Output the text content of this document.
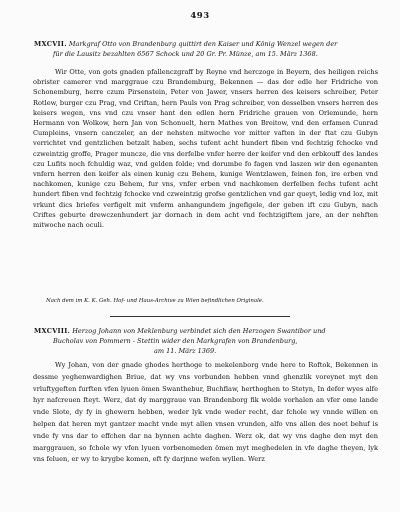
493
MXCVII. Markgraf Otto von Brandenburg quittirt den Kaiser und König Wenzel wegen der
für die Lausitz bezahlten 6567 Schock und 20 Gr. Pr. Münze, am 15. März 1368.

Wir Otte, von gots gnaden pfallenczgraff by Reyne vnd herczoge in Beyern, des heiligen reichs obrister camerer vnd marggraue czu Brandemburg, Bekennen — das der edle her Fridriche von Schonemburg, herre czum Pirsenstein, Peter von Jawer, vnsers herren des keisers schreiber, Peter Rotlew, burger czu Prag, vnd Criftan, hern Pauls von Prag schreiber, von desselben vnsers herren des keisers wegen, vns vnd czu vnser hant den edlen hern Fridriche grauen von Orlemunde, hern Hermann von Wolkow, hern Jan von Schonuelt, hern Mathes von Breitow, vnd den erfamen Cunrad Cumpleins, vnsern canczeler, an der nehsten mitwoche vor mitter vaften in der ftat czu Gubyn verrichtet vnd gentzlichen betzalt haben, sechs tufent acht hundert fiben vnd fechtzig fchocke vnd czweintzig groffe, Prager muncze, die vns derfelbe vnfer herre der keifer vnd den erbkouff des landes czu Lufits noch fchuldig waz, vnd gelden folde; vnd dorumbe fo fagen vnd laszen wir den egenanten vnfern herren den keifer als einen kunig czu Behem, kunige Wentzlawen, feinen fon, ire erben vnd nachkomen, kunige czu Behem, fur vns, vnfer erben vnd nachkomen derfelben fechs tufent acht hundert fiben vnd fechtzig fchocke vnd czweintzig grofse gentzlichen vnd gar queyt, ledig vnd loz, mit vrkunt dics briefes verfigelt mit vnferm anhangundem jngefigele, der geben ift czu Gubyn, nach Criftes geburte drewczenhundert jar dornach in dem acht vnd fechtzigiftem jare, an der nehften mitwoche nach oculi.

Nach dem im K. K. Geh. Hof- und Haus-Archive zu Wien befindlichen Originale.
MXCVIII. Herzog Johann von Meklenburg verbindet sich den Herzogen Swantibor und
Bucholav von Pommern - Stettin wider den Markgrafen von Brandenburg,
am 11. März 1369.

Wy Johan, von der gnade ghodes herthoge to mekelenborg vnde here to Roftok, Bekennen in dessme yeghenwardighen Briue, dat wy vns vorbunden hebben vnnd ghenzlik voreynet myt den vrluftygeften furften vfen lyuen ömen Swanthebur, Buchflaw, herthoghen to Stetyn, In defer wyes alfe hyr nafcreuen fteyt. Werz, dat dy marggraue van Brandenborg fik wolde vorhalen an vfer ome lande vnde Slote, dy fy in ghewern hebben, weder lyk vnde weder recht, dar fchole wy vnnde willen en helpen dat heren myt gantzer macht vnde myt allen vnsen vrunden, alfo vns allen des noet behuf is vnde fy vns dar to effchen dar na bynnen achte daghen. Werz ok, dat wy vns daghe den myt den marggrauen, so fchole wy vfen lyuen vorbenomeden ömen myt meghedelen in vfe daghe theyen, lyk vns feluen, er wy to krygbe komen, eft fy darjnne wefen wyllen. Werz
